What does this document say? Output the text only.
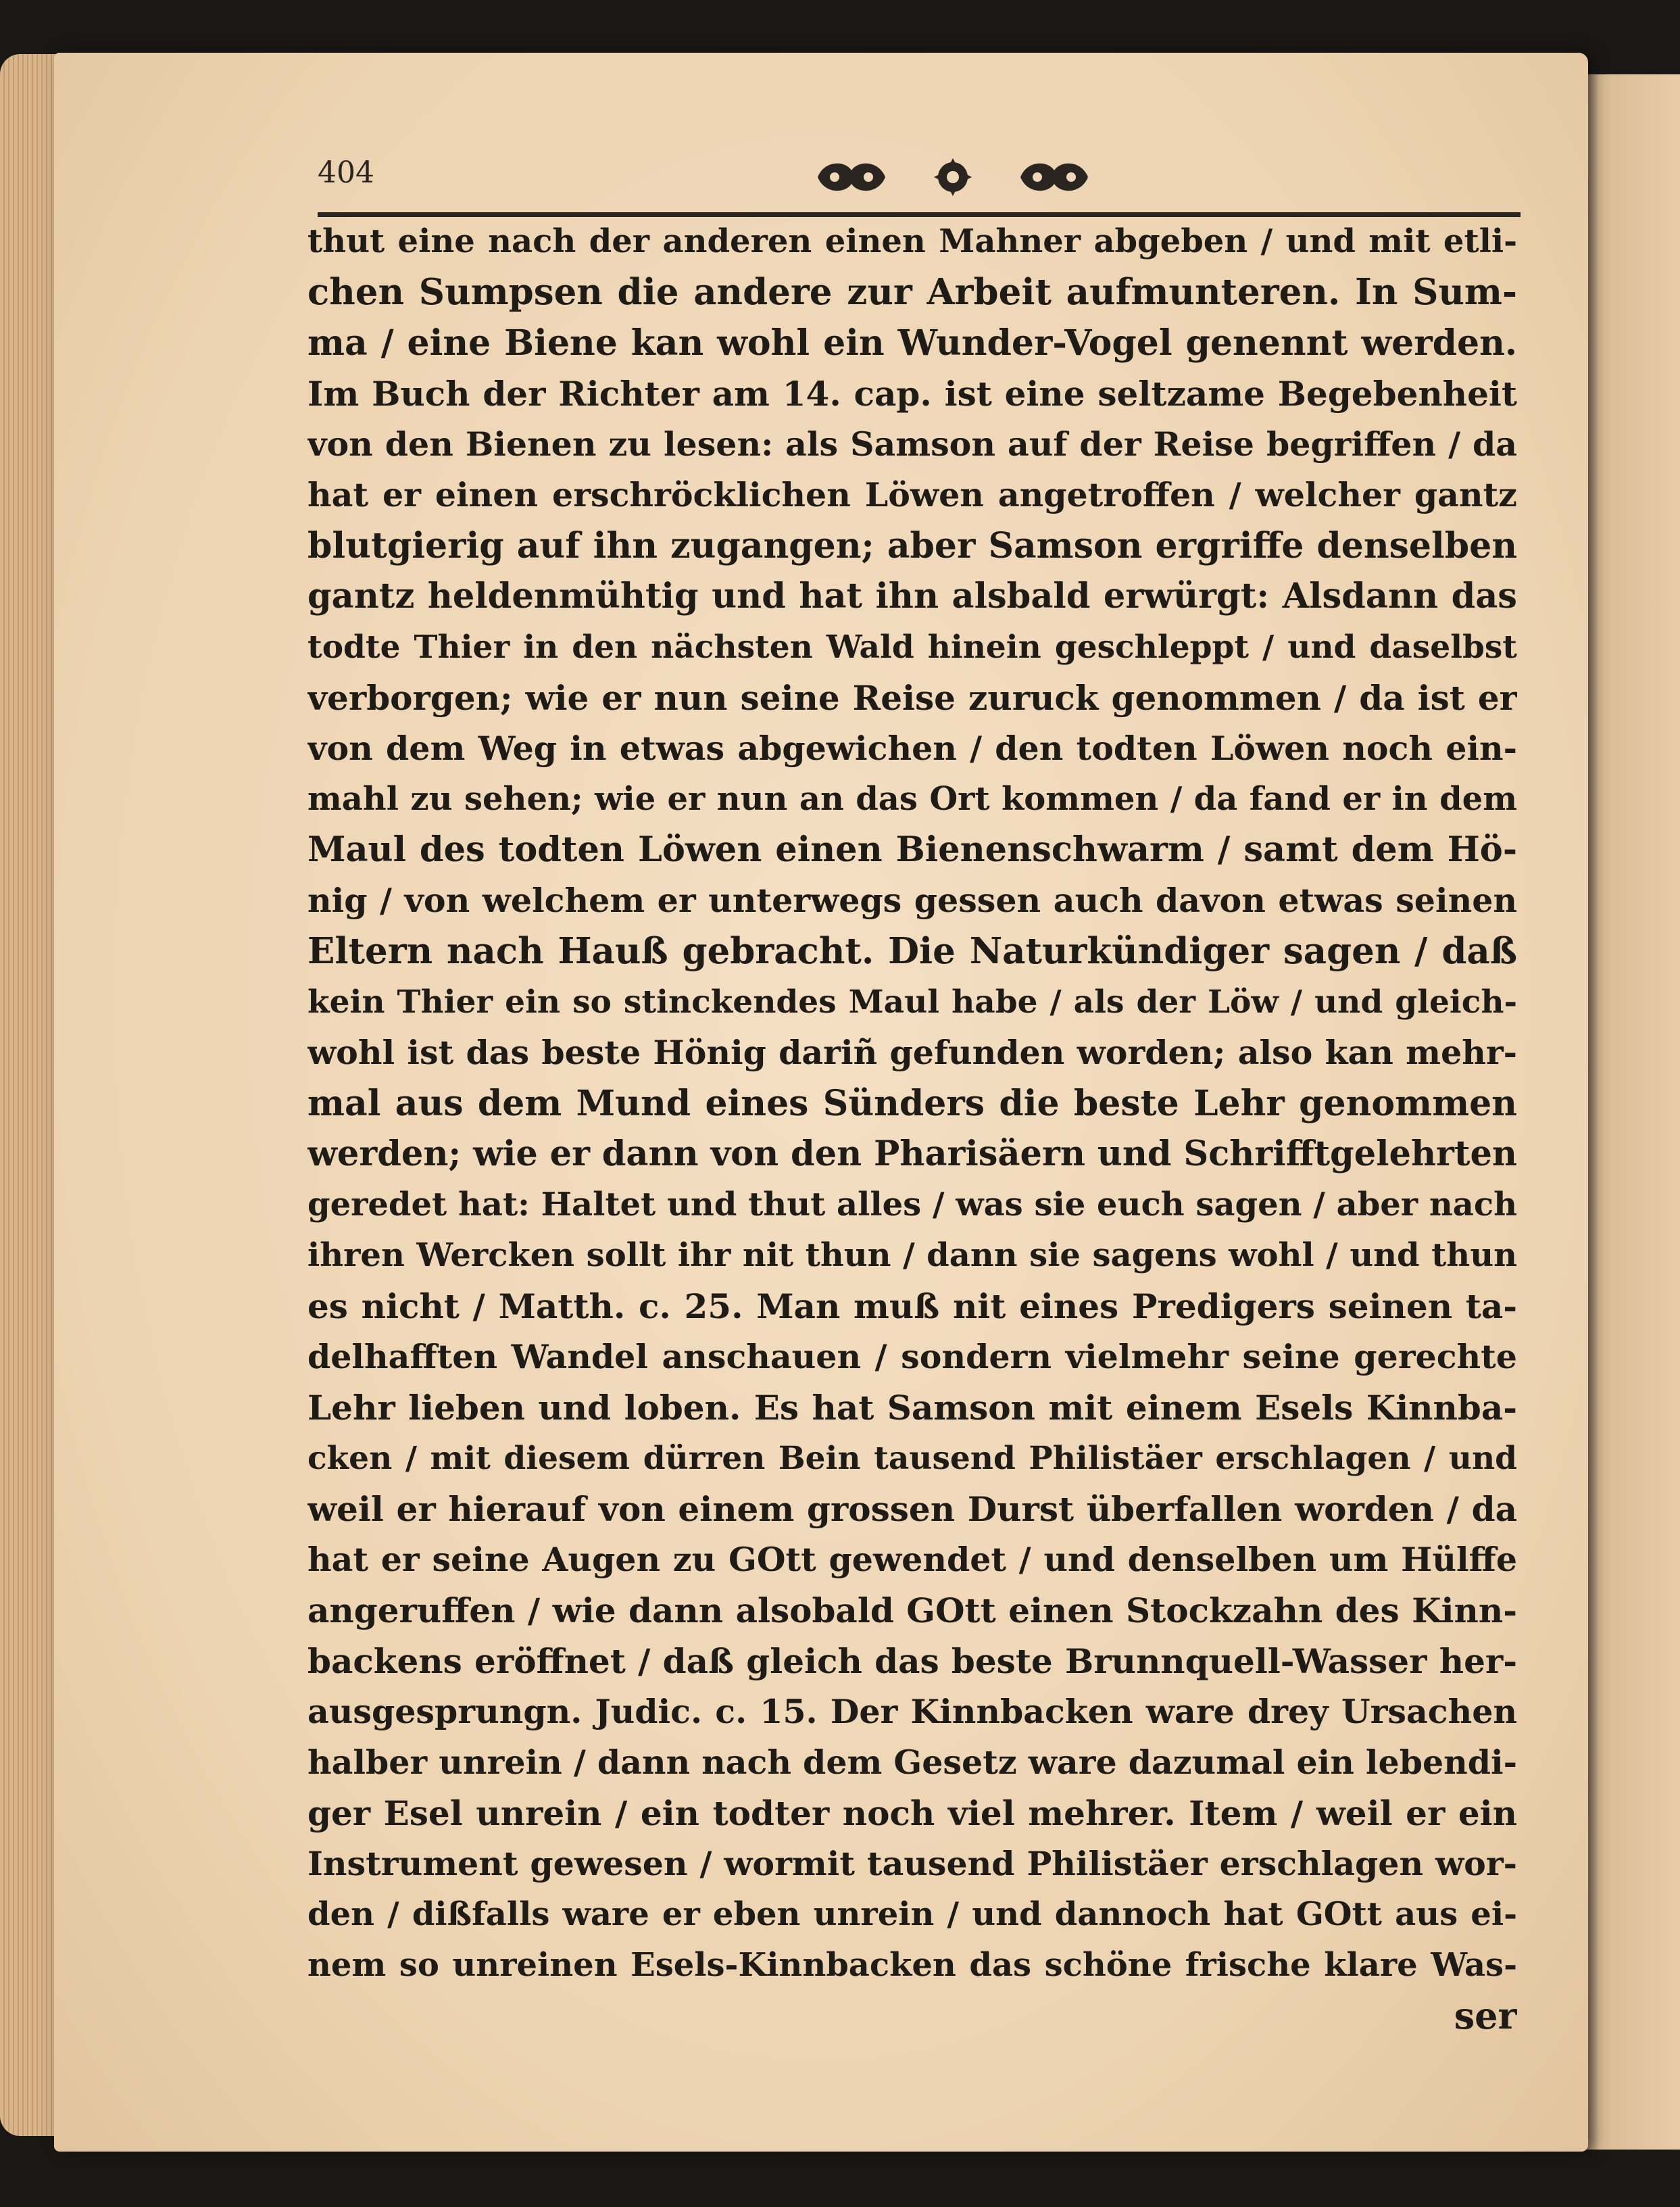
404
thut eine nach der anderen einen Mahner abgeben / und mit etli-
chen Sumpsen die andere zur Arbeit aufmunteren. In Sum-
ma / eine Biene kan wohl ein Wunder-Vogel genennt werden.
Im Buch der Richter am 14. cap. ist eine seltzame Begebenheit
von den Bienen zu lesen: als Samson auf der Reise begriffen / da
hat er einen erschröcklichen Löwen angetroffen / welcher gantz
blutgierig auf ihn zugangen; aber Samson ergriffe denselben
gantz heldenmühtig und hat ihn alsbald erwürgt: Alsdann das
todte Thier in den nächsten Wald hinein geschleppt / und daselbst
verborgen; wie er nun seine Reise zuruck genommen / da ist er
von dem Weg in etwas abgewichen / den todten Löwen noch ein-
mahl zu sehen; wie er nun an das Ort kommen / da fand er in dem
Maul des todten Löwen einen Bienenschwarm / samt dem Hö-
nig / von welchem er unterwegs gessen auch davon etwas seinen
Eltern nach Hauß gebracht. Die Naturkündiger sagen / daß
kein Thier ein so stinckendes Maul habe / als der Löw / und gleich-
wohl ist das beste Hönig dariñ gefunden worden; also kan mehr-
mal aus dem Mund eines Sünders die beste Lehr genommen
werden; wie er dann von den Pharisäern und Schrifftgelehrten
geredet hat: Haltet und thut alles / was sie euch sagen / aber nach
ihren Wercken sollt ihr nit thun / dann sie sagens wohl / und thun
es nicht / Matth. c. 25. Man muß nit eines Predigers seinen ta-
delhafften Wandel anschauen / sondern vielmehr seine gerechte
Lehr lieben und loben. Es hat Samson mit einem Esels Kinnba-
cken / mit diesem dürren Bein tausend Philistäer erschlagen / und
weil er hierauf von einem grossen Durst überfallen worden / da
hat er seine Augen zu GOtt gewendet / und denselben um Hülffe
angeruffen / wie dann alsobald GOtt einen Stockzahn des Kinn-
backens eröffnet / daß gleich das beste Brunnquell-Wasser her-
ausgesprungn. Judic. c. 15. Der Kinnbacken ware drey Ursachen
halber unrein / dann nach dem Gesetz ware dazumal ein lebendi-
ger Esel unrein / ein todter noch viel mehrer. Item / weil er ein
Instrument gewesen / wormit tausend Philistäer erschlagen wor-
den / dißfalls ware er eben unrein / und dannoch hat GOtt aus ei-
nem so unreinen Esels-Kinnbacken das schöne frische klare Was-
ser
